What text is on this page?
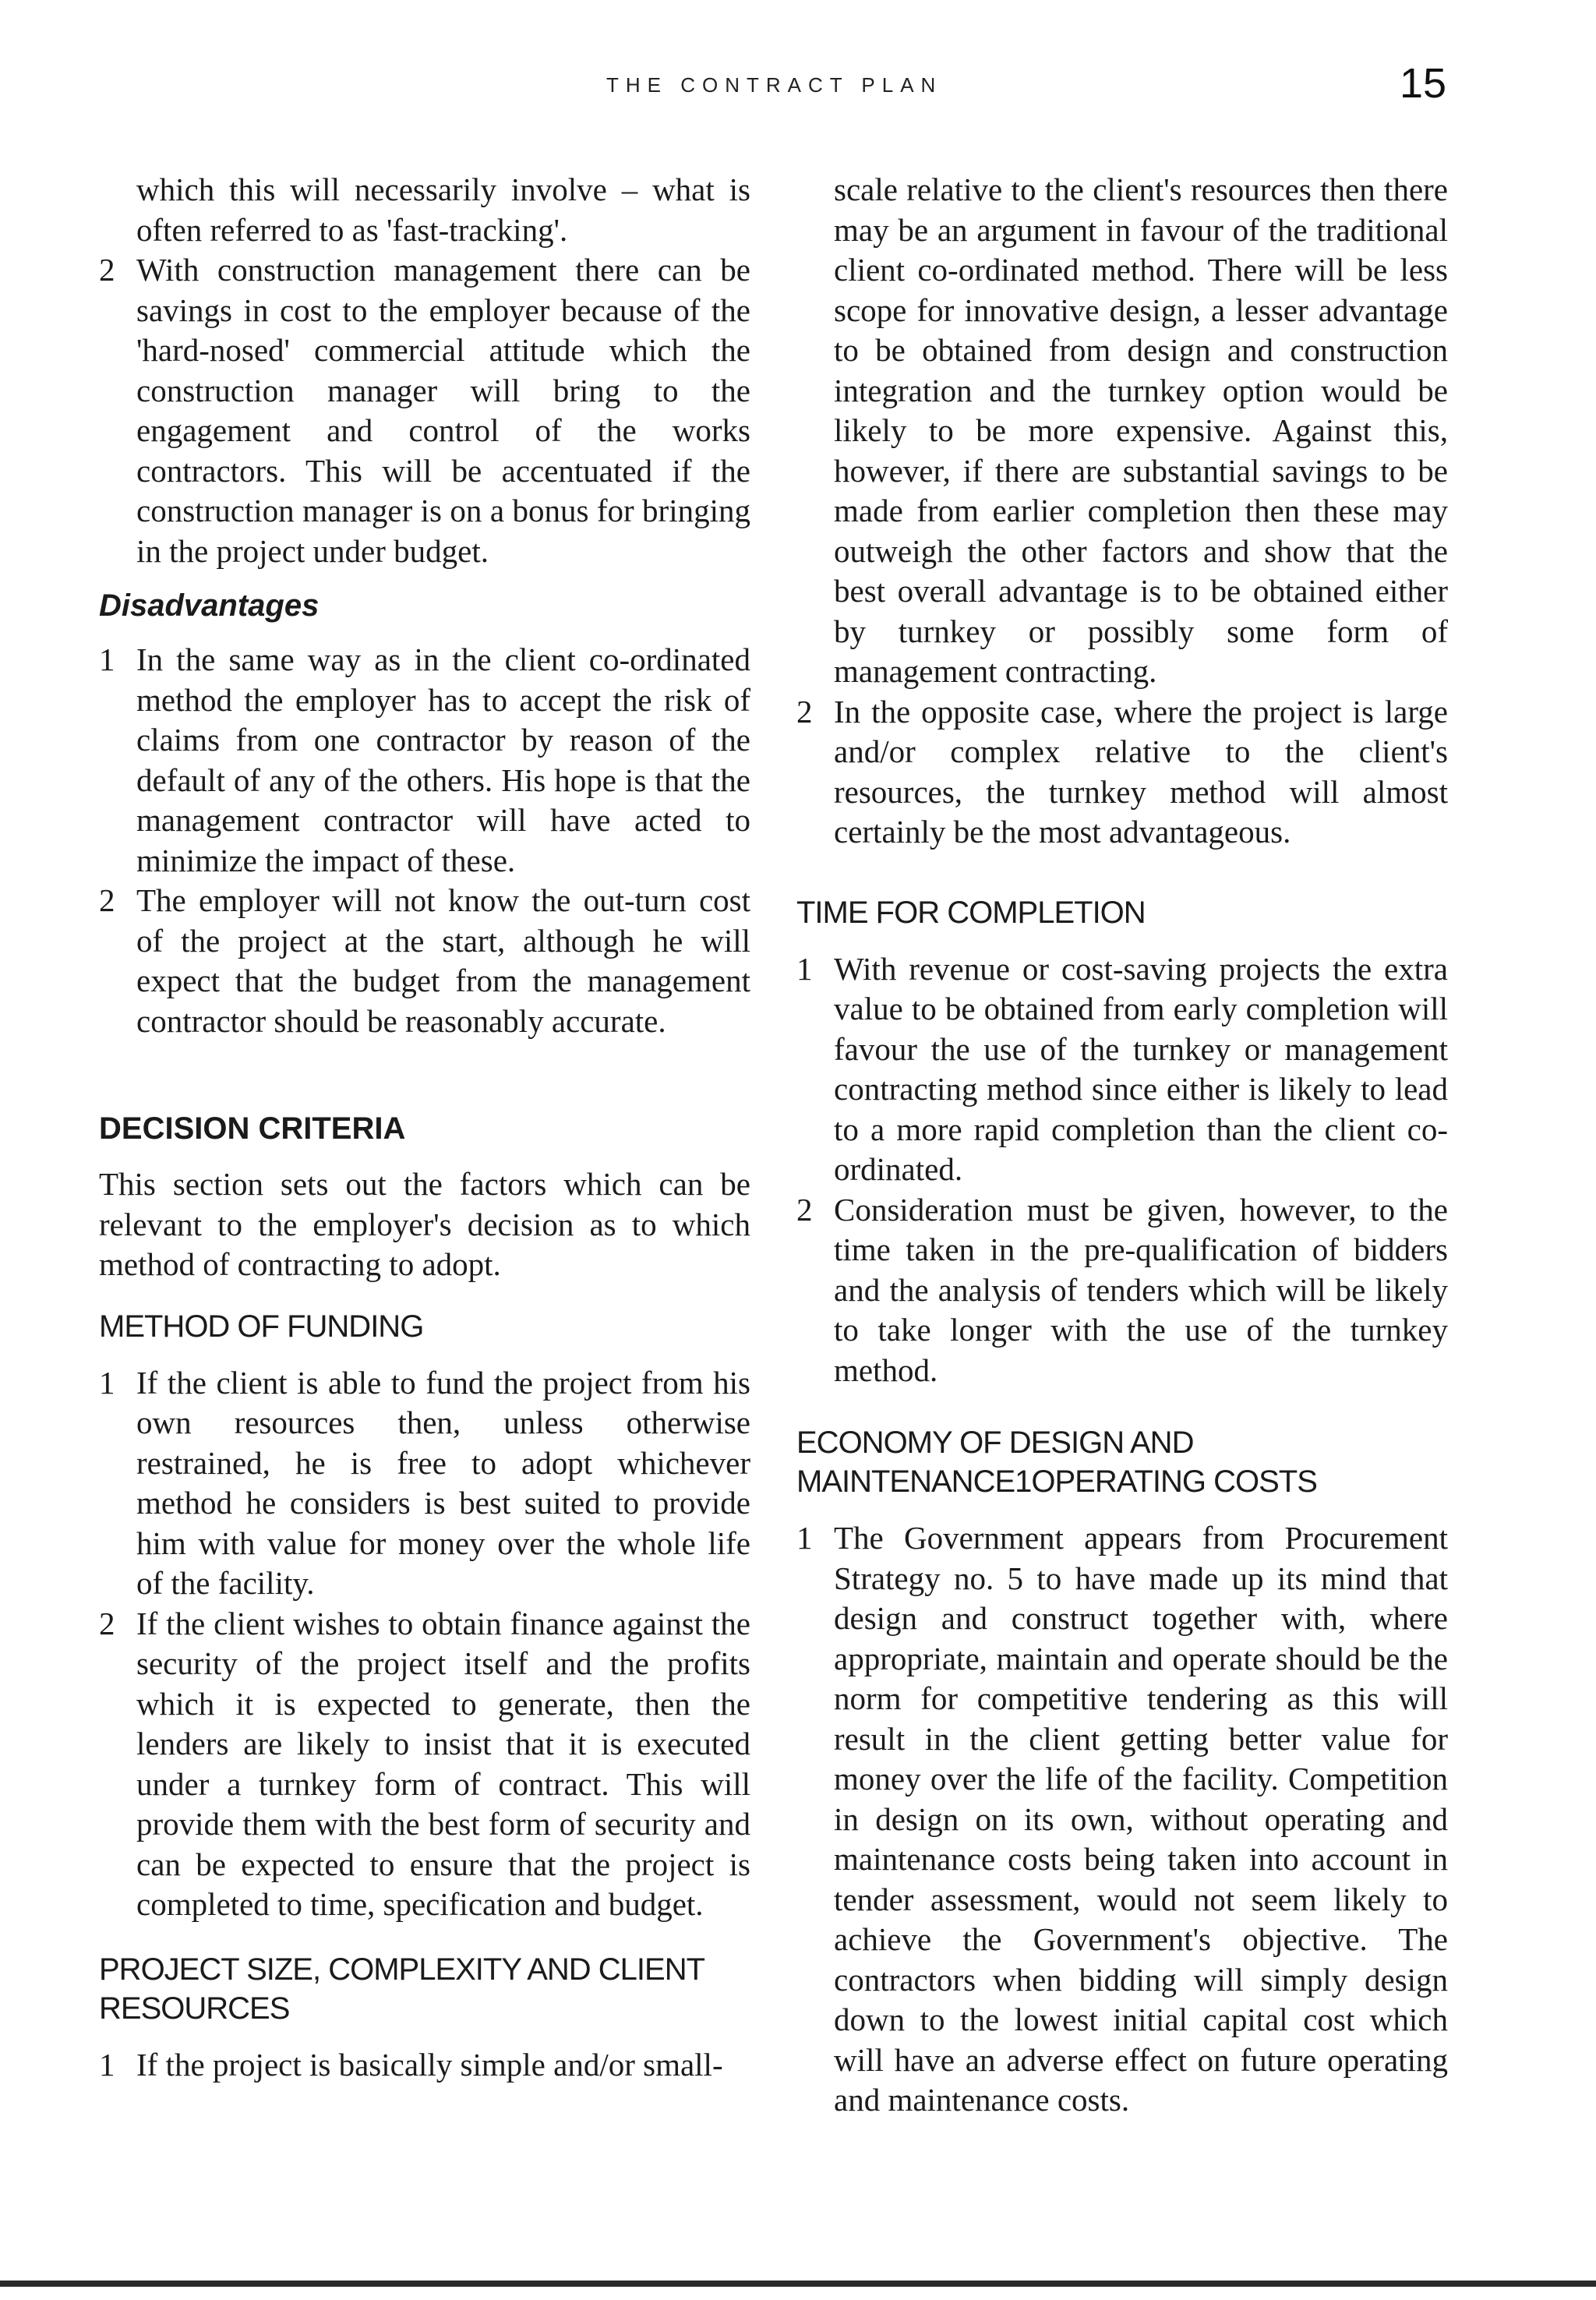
THE CONTRACT PLAN	15

which this will necessarily involve – what is often referred to as 'fast-tracking'.

2 With construction management there can be savings in cost to the employer because of the 'hard-nosed' commercial attitude which the construction manager will bring to the engagement and control of the works contractors. This will be accentuated if the construction manager is on a bonus for bringing in the project under budget.

Disadvantages
1 In the same way as in the client co-ordinated method the employer has to accept the risk of claims from one contractor by reason of the default of any of the others. His hope is that the management contractor will have acted to minimize the impact of these.

2 The employer will not know the out-turn cost of the project at the start, although he will expect that the budget from the management contractor should be reasonably accurate.

DECISION CRITERIA

This section sets out the factors which can be relevant to the employer's decision as to which method of contracting to adopt.

METHOD OF FUNDING
1 If the client is able to fund the project from his own resources then, unless otherwise restrained, he is free to adopt whichever method he considers is best suited to provide him with value for money over the whole life of the facility.

2 If the client wishes to obtain finance against the security of the project itself and the profits which it is expected to generate, then the lenders are likely to insist that it is executed under a turnkey form of contract. This will provide them with the best form of security and can be expected to ensure that the project is completed to time, specification and budget.

PROJECT SIZE, COMPLEXITY AND CLIENT
RESOURCES
1 If the project is basically simple and/or small-

scale relative to the client's resources then there may be an argument in favour of the traditional client co-ordinated method. There will be less scope for innovative design, a lesser advantage to be obtained from design and construction integration and the turnkey option would be likely to be more expensive. Against this, however, if there are substantial savings to be made from earlier completion then these may outweigh the other factors and show that the best overall advantage is to be obtained either by turnkey or possibly some form of management contracting.

2 In the opposite case, where the project is large and/or complex relative to the client's resources, the turnkey method will almost certainly be the most advantageous.

TIME FOR COMPLETION
1 With revenue or cost-saving projects the extra value to be obtained from early completion will favour the use of the turnkey or management contracting method since either is likely to lead to a more rapid completion than the client co-ordinated.

2 Consideration must be given, however, to the time taken in the pre-qualification of bidders and the analysis of tenders which will be likely to take longer with the use of the turnkey method.

ECONOMY OF DESIGN AND
MAINTENANCE1OPERATING COSTS
1 The Government appears from Procurement Strategy no. 5 to have made up its mind that design and construct together with, where appropriate, maintain and operate should be the norm for competitive tendering as this will result in the client getting better value for money over the life of the facility. Competition in design on its own, without operating and maintenance costs being taken into account in tender assessment, would not seem likely to achieve the Government's objective. The contractors when bidding will simply design down to the lowest initial capital cost which will have an adverse effect on future operating and maintenance costs.
